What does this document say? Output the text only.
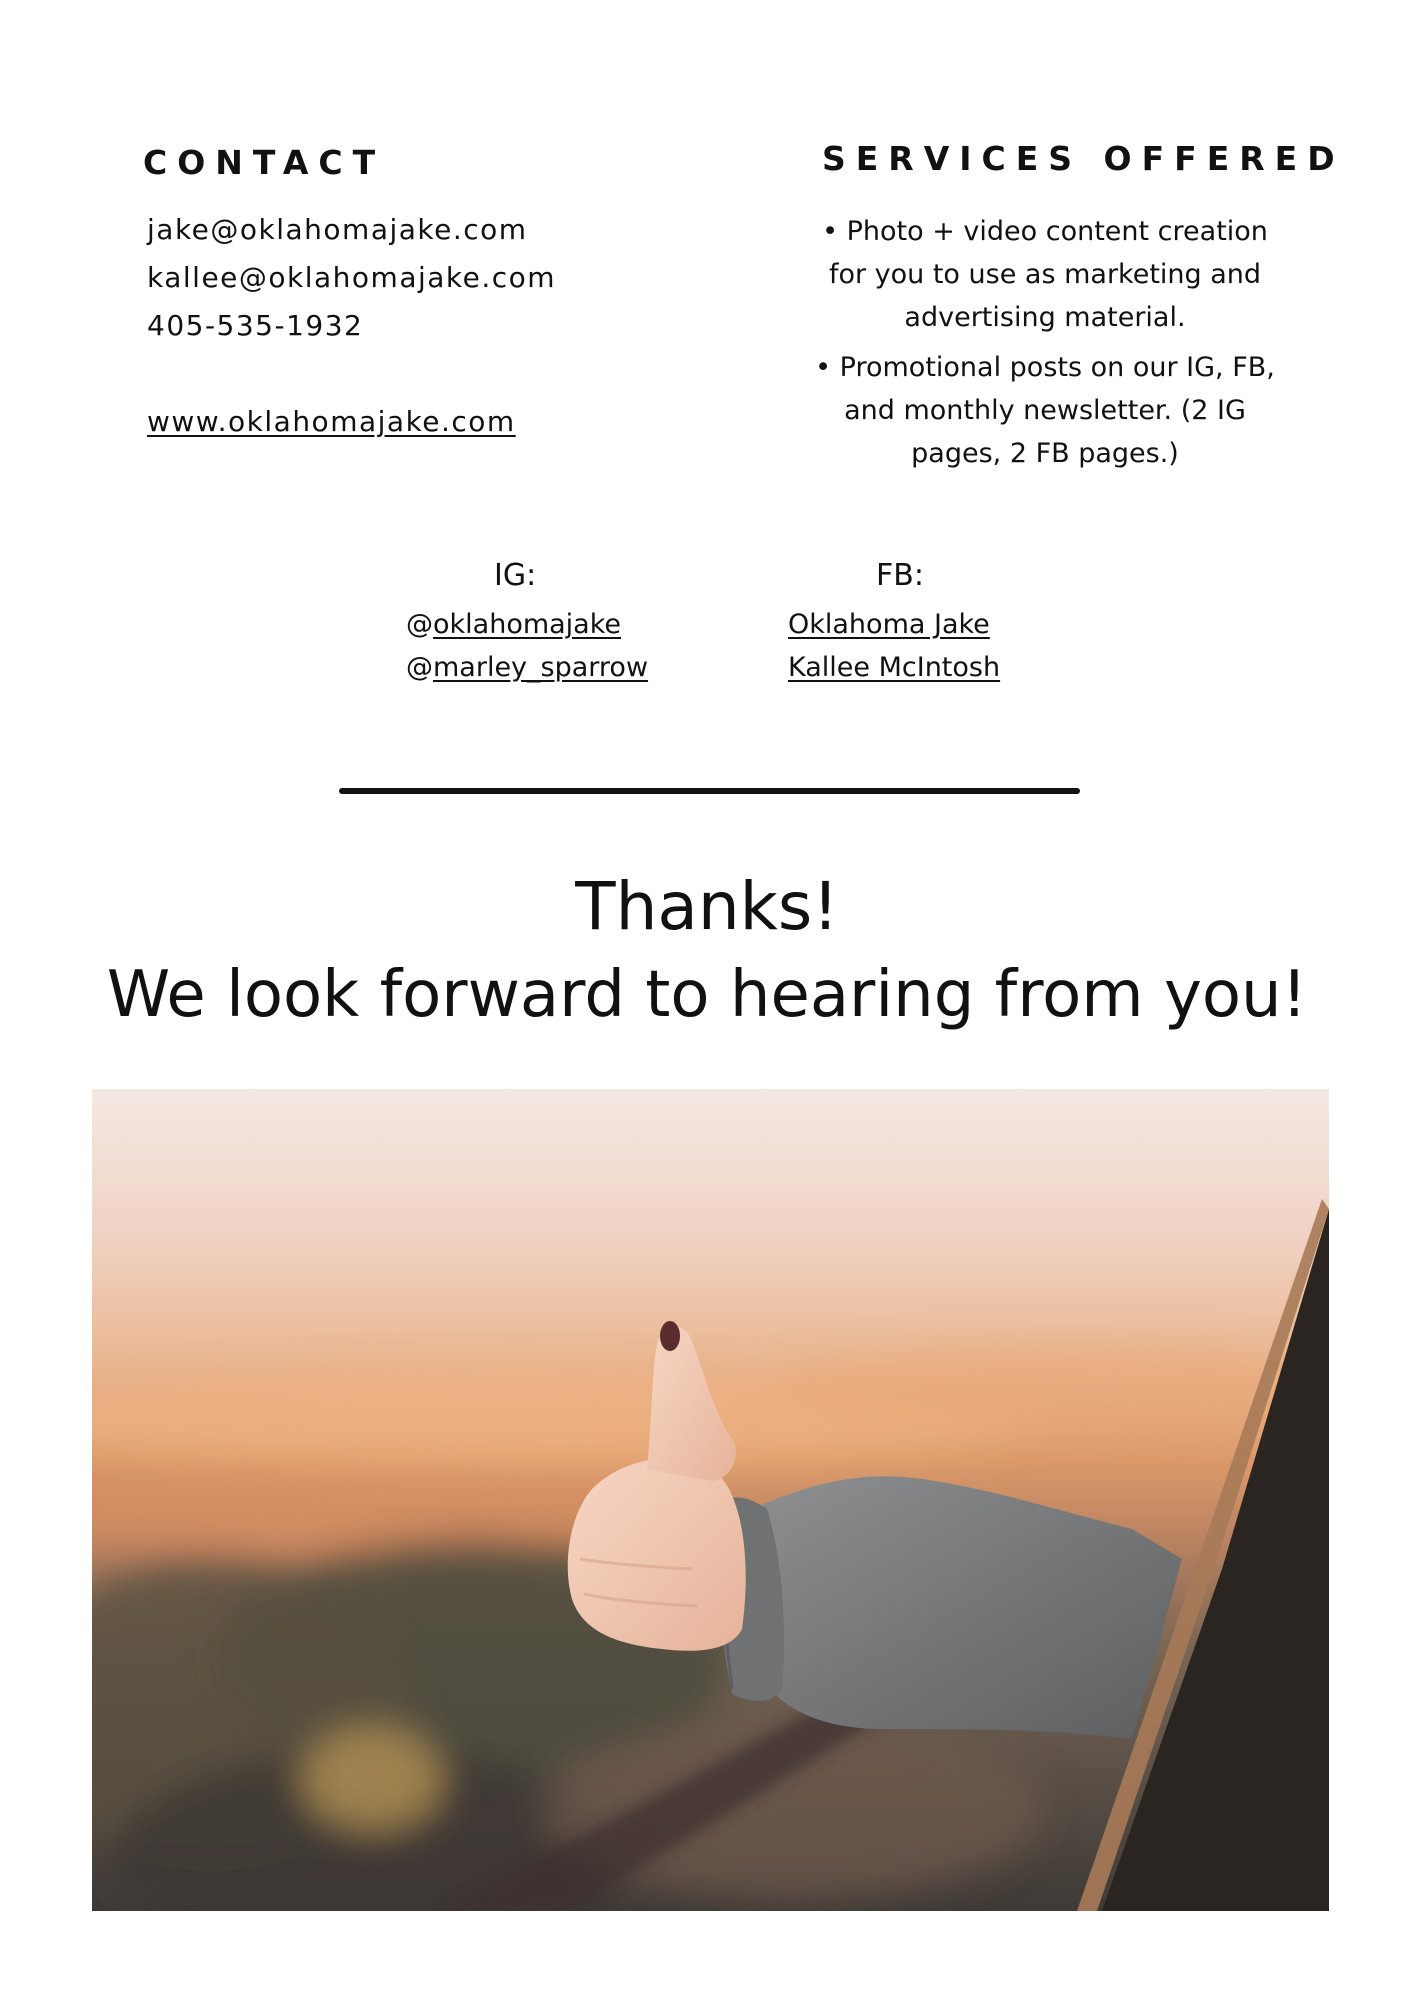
CONTACT

jake@oklahomajake.com

kallee@oklahomajake.com

405-535-1932

www.oklahomajake.com

SERVICES OFFERED

• Photo + video content creation for you to use as marketing and advertising material.

• Promotional posts on our IG, FB, and monthly newsletter. (2 IG pages, 2 FB pages.)

IG:

@oklahomajake

@marley_sparrow

FB:

Oklahoma Jake

Kallee McIntosh

Thanks!
We look forward to hearing from you!
